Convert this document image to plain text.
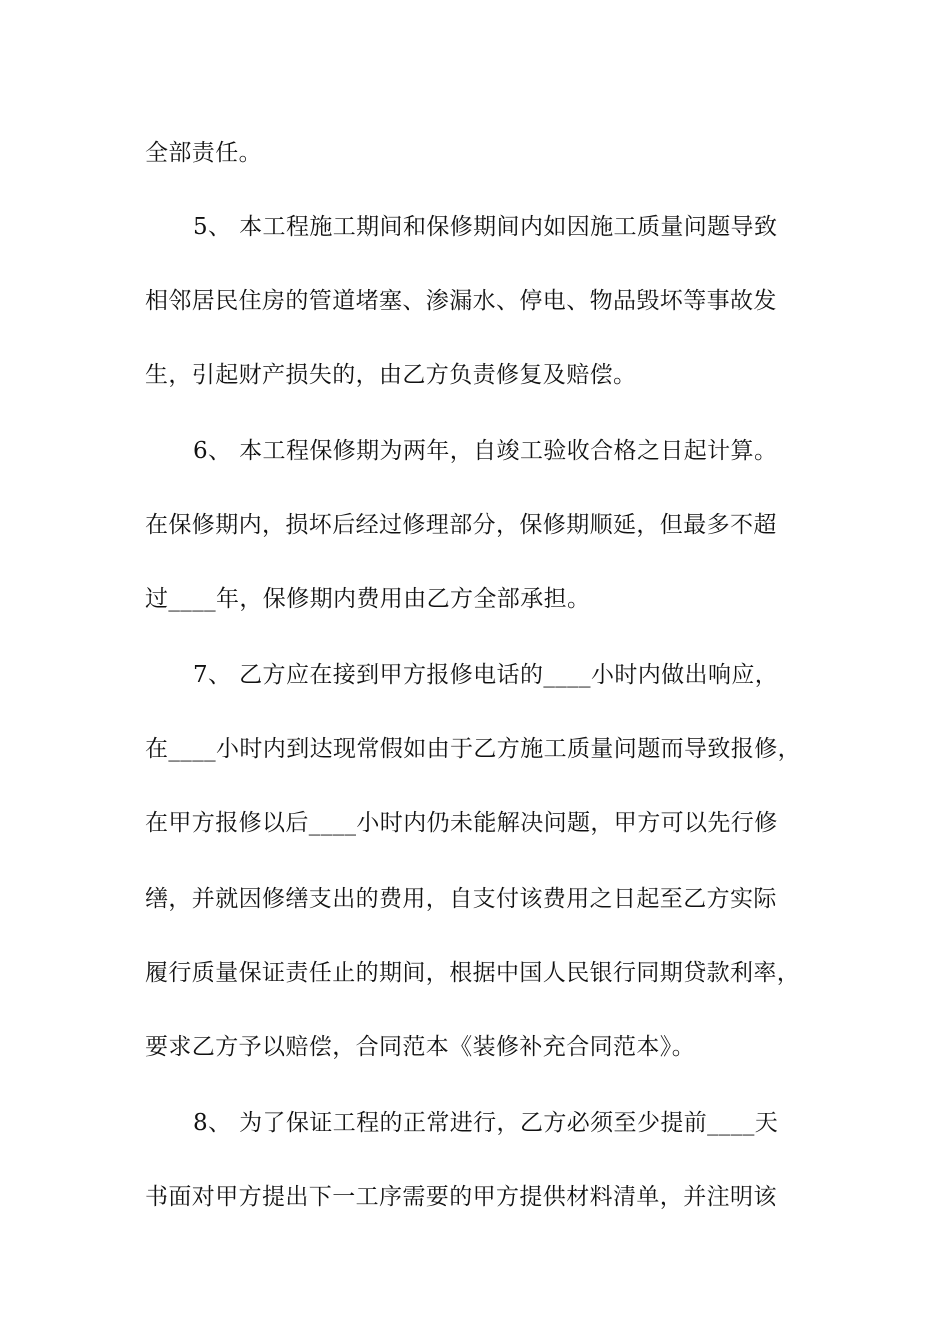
全部责任。
5、 本工程施工期间和保修期间内如因施工质量问题导致
相邻居民住房的管道堵塞、渗漏水、停电、物品毁坏等事故发
生，引起财产损失的，由乙方负责修复及赔偿。
6、 本工程保修期为两年，自竣工验收合格之日起计算。
在保修期内，损坏后经过修理部分，保修期顺延，但最多不超
过____年，保修期内费用由乙方全部承担。
7、 乙方应在接到甲方报修电话的____小时内做出响应，
在____小时内到达现常假如由于乙方施工质量问题而导致报修，
在甲方报修以后____小时内仍未能解决问题，甲方可以先行修
缮，并就因修缮支出的费用，自支付该费用之日起至乙方实际
履行质量保证责任止的期间，根据中国人民银行同期贷款利率，
要求乙方予以赔偿，合同范本《装修补充合同范本》。
8、 为了保证工程的正常进行，乙方必须至少提前____天
书面对甲方提出下一工序需要的甲方提供材料清单，并注明该
